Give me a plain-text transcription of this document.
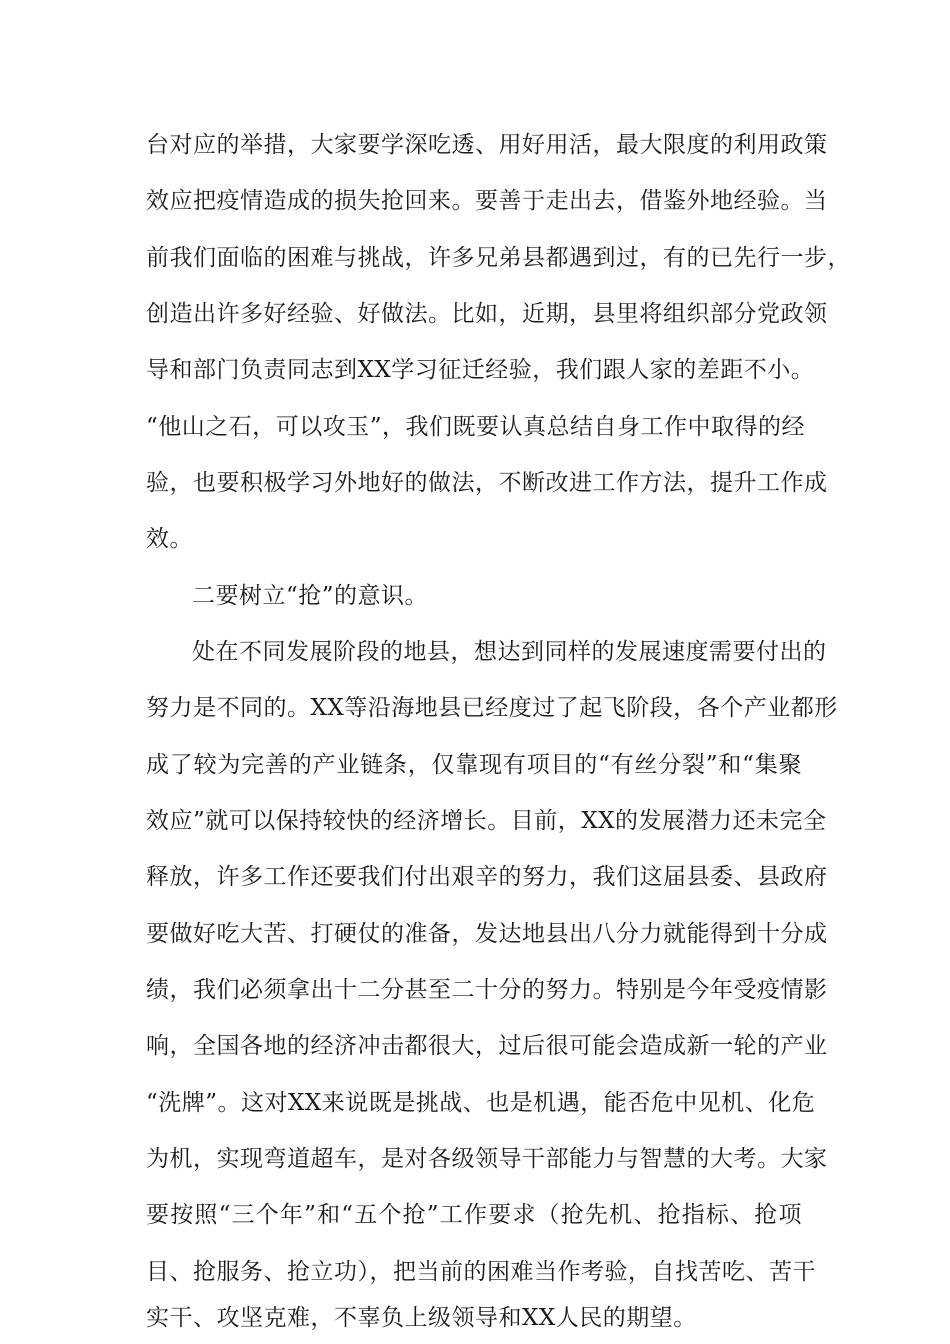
台对应的举措，大家要学深吃透、用好用活，最大限度的利用政策
效应把疫情造成的损失抢回来。要善于走出去，借鉴外地经验。当
前我们面临的困难与挑战，许多兄弟县都遇到过，有的已先行一步，
创造出许多好经验、好做法。比如，近期，县里将组织部分党政领
导和部门负责同志到XX学习征迁经验，我们跟人家的差距不小。
“他山之石，可以攻玉”，我们既要认真总结自身工作中取得的经
验，也要积极学习外地好的做法，不断改进工作方法，提升工作成
效。
二要树立“抢”的意识。
处在不同发展阶段的地县，想达到同样的发展速度需要付出的
努力是不同的。XX等沿海地县已经度过了起飞阶段，各个产业都形
成了较为完善的产业链条，仅靠现有项目的“有丝分裂”和“集聚
效应”就可以保持较快的经济增长。目前，XX的发展潜力还未完全
释放，许多工作还要我们付出艰辛的努力，我们这届县委、县政府
要做好吃大苦、打硬仗的准备，发达地县出八分力就能得到十分成
绩，我们必须拿出十二分甚至二十分的努力。特别是今年受疫情影
响，全国各地的经济冲击都很大，过后很可能会造成新一轮的产业
“洗牌”。这对XX来说既是挑战、也是机遇，能否危中见机、化危
为机，实现弯道超车，是对各级领导干部能力与智慧的大考。大家
要按照“三个年”和“五个抢”工作要求（抢先机、抢指标、抢项
目、抢服务、抢立功），把当前的困难当作考验，自找苦吃、苦干
实干、攻坚克难，不辜负上级领导和XX人民的期望。
